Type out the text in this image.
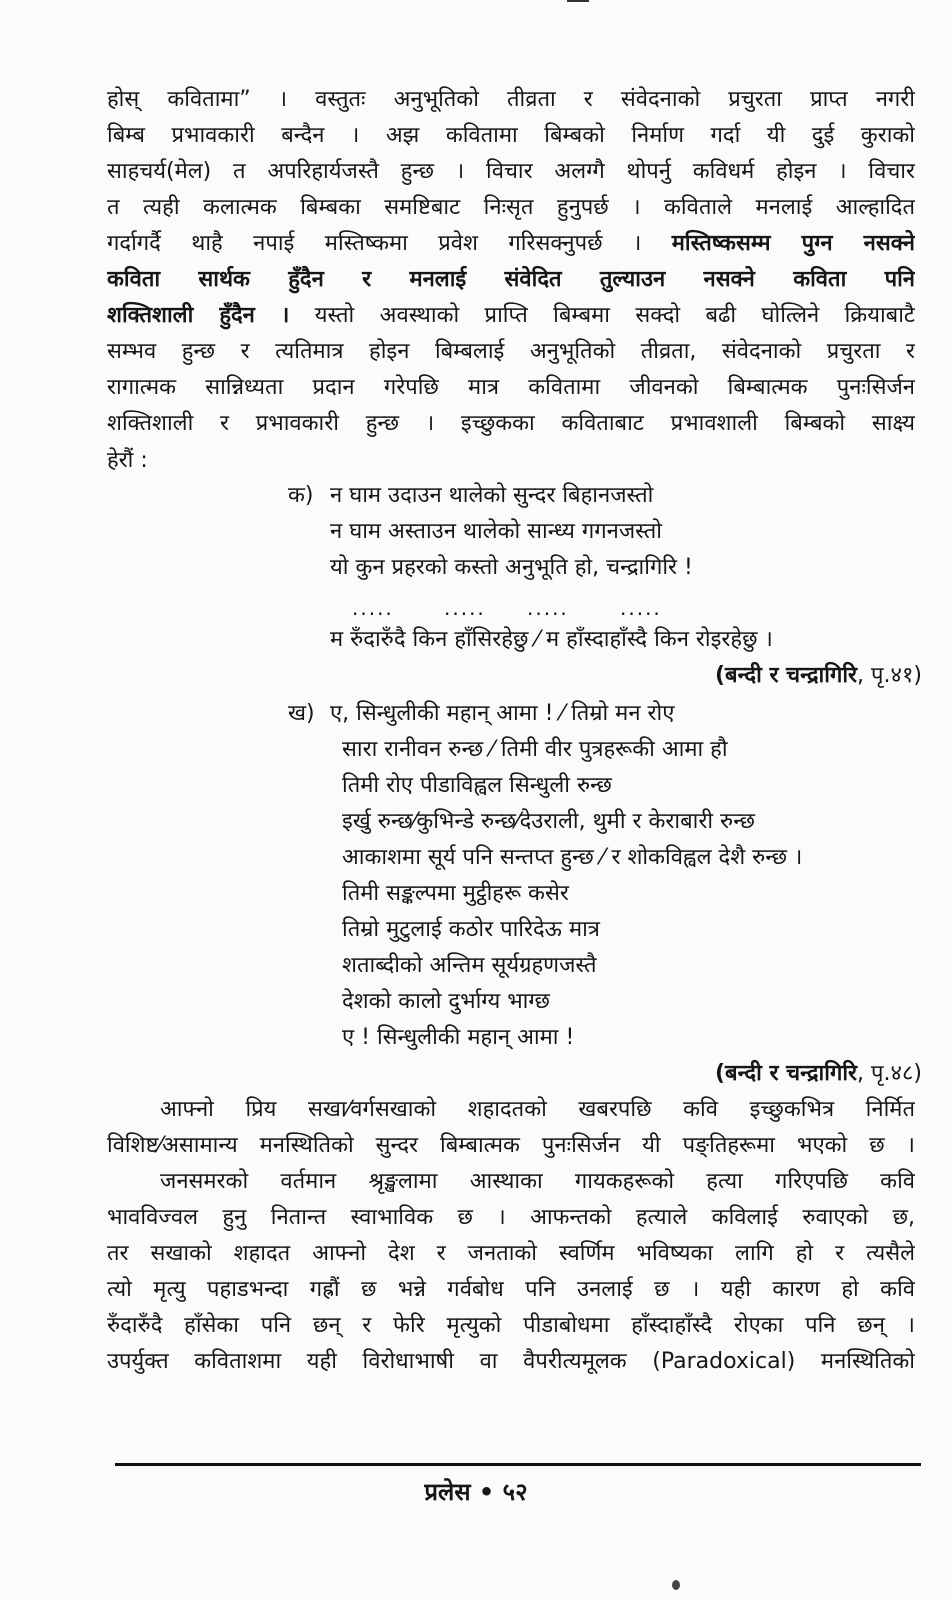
होस् कवितामा” । वस्तुतः अनुभूतिको तीव्रता र संवेदनाको प्रचुरता प्राप्त नगरी
बिम्ब प्रभावकारी बन्दैन । अझ कवितामा बिम्बको निर्माण गर्दा यी दुई कुराको
साहचर्य(मेल) त अपरिहार्यजस्तै हुन्छ । विचार अलग्गै थोपर्नु कविधर्म होइन । विचार
त त्यही कलात्मक बिम्बका समष्टिबाट निःसृत हुनुपर्छ । कविताले मनलाई आल्हादित
गर्दागर्दै थाहै नपाई मस्तिष्कमा प्रवेश गरिसक्नुपर्छ । मस्तिष्कसम्म पुग्न नसक्ने
कविता सार्थक हुँदैन र मनलाई संवेदित तुल्याउन नसक्ने कविता पनि
शक्तिशाली हुँदैन । यस्तो अवस्थाको प्राप्ति बिम्बमा सक्दो बढी घोत्लिने क्रियाबाटै
सम्भव हुन्छ र त्यतिमात्र होइन बिम्बलाई अनुभूतिको तीव्रता, संवेदनाको प्रचुरता र
रागात्मक सान्निध्यता प्रदान गरेपछि मात्र कवितामा जीवनको बिम्बात्मक पुनःसिर्जन
शक्तिशाली र प्रभावकारी हुन्छ । इच्छुकका कविताबाट प्रभावशाली बिम्बको साक्ष्य
हेरौं :
क) न घाम उदाउन थालेको सुन्दर बिहानजस्तो
न घाम अस्ताउन थालेको सान्ध्य गगनजस्तो
यो कुन प्रहरको कस्तो अनुभूति हो, चन्द्रागिरि !
.....	..... .....	.....
म रुँदारुँदै किन हाँसिरहेछु ⁄ म हाँस्दाहाँस्दै किन रोइरहेछु ।
(बन्दी र चन्द्रागिरि, पृ.४१)
ख) ए, सिन्धुलीकी महान् आमा ! ⁄ तिम्रो मन रोए
सारा रानीवन रुन्छ ⁄ तिमी वीर पुत्रहरूकी आमा हौ
तिमी रोए पीडाविह्वल सिन्धुली रुन्छ
इर्खु रुन्छ⁄कुभिन्डे रुन्छ⁄देउराली, थुमी र केराबारी रुन्छ
आकाशमा सूर्य पनि सन्तप्त हुन्छ ⁄ र शोकविह्वल देशै रुन्छ ।
तिमी सङ्कल्पमा मुट्ठीहरू कसेर
तिम्रो मुटुलाई कठोर पारिदेऊ मात्र
शताब्दीको अन्तिम सूर्यग्रहणजस्तै
देशको कालो दुर्भाग्य भाग्छ
ए ! सिन्धुलीकी महान् आमा !
(बन्दी र चन्द्रागिरि, पृ.४८)
आफ्नो प्रिय सखा⁄वर्गसखाको शहादतको खबरपछि कवि इच्छुकभित्र निर्मित
विशिष्ट⁄असामान्य मनस्थितिको सुन्दर बिम्बात्मक पुनःसिर्जन यी पङ्तिहरूमा भएको छ ।
जनसमरको वर्तमान श्रृङ्खलामा आस्थाका गायकहरूको हत्या गरिएपछि कवि
भावविज्वल हुनु नितान्त स्वाभाविक छ । आफन्तको हत्याले कविलाई रुवाएको छ,
तर सखाको शहादत आफ्नो देश र जनताको स्वर्णिम भविष्यका लागि हो र त्यसैले
त्यो मृत्यु पहाडभन्दा गह्रौं छ भन्ने गर्वबोध पनि उनलाई छ । यही कारण हो कवि
रुँदारुँदै हाँसेका पनि छन् र फेरि मृत्युको पीडाबोधमा हाँस्दाहाँस्दै रोएका पनि छन् ।
उपर्युक्त कविताशमा यही विरोधाभाषी वा वैपरीत्यमूलक (Paradoxical) मनस्थितिको
प्रलेस • ५२
